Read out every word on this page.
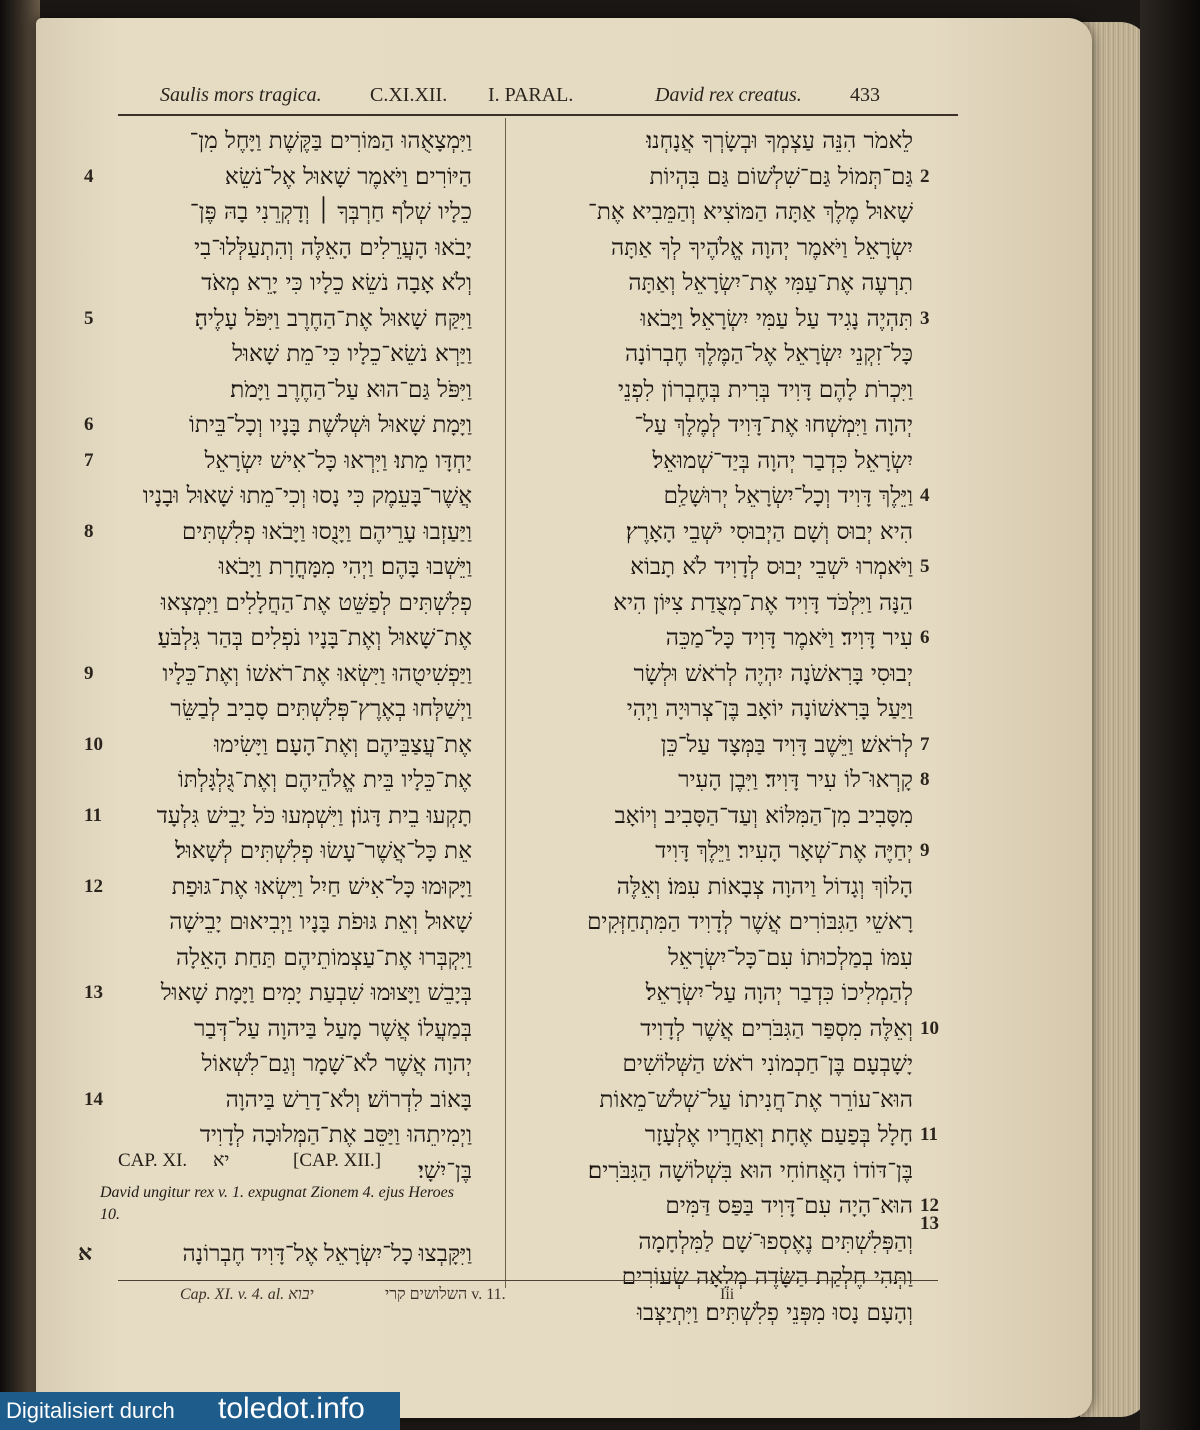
Saulis mors tragica. C.XI.XII. I. PARAL.	David rex creatus. 433
וַיִּמְצָאֻהוּ הַמּוֹרִים בַּקֶּשֶׁת וַיָּחֶל מִן־
הַיּוֹרִים׃ וַיֹּאמֶר שָׁאוּל אֶל־נֹשֵׂא
כֵלָיו שְׁלֹף חַרְבְּךָ ׀ וְדָקְרֵנִי בָהּ פֶּן־
יָבֹאוּ הָעֲרֵלִים הָאֵלֶּה וְהִתְעַלְּלוּ־בִי
וְלֹא אָבָה נֹשֵׂא כֵלָיו כִּי יָרֵא מְאֹד
וַיִּקַּח שָׁאוּל אֶת־הַחֶרֶב וַיִּפֹּל עָלֶיהָ׃
וַיַּרְא נֹשֵׂא־כֵלָיו כִּי־מֵת שָׁאוּל
וַיִּפֹּל גַּם־הוּא עַל־הַחֶרֶב וַיָּמֹת׃
וַיָּמָת שָׁאוּל וּשְׁלֹשֶׁת בָּנָיו וְכָל־בֵּיתוֹ
יַחְדָּו מֵתוּ׃ וַיִּרְאוּ כָּל־אִישׁ יִשְׂרָאֵל
אֲשֶׁר־בָּעֵמֶק כִּי נָסוּ וְכִי־מֵתוּ שָׁאוּל וּבָנָיו
וַיַּעַזְבוּ עָרֵיהֶם וַיָּנֻסוּ וַיָּבֹאוּ פְלִשְׁתִּים
וַיֵּשְׁבוּ בָּהֶם׃ וַיְהִי מִמָּחֳרָת וַיָּבֹאוּ
פְלִשְׁתִּים לְפַשֵּׁט אֶת־הַחֲלָלִים וַיִּמְצְאוּ
אֶת־שָׁאוּל וְאֶת־בָּנָיו נֹפְלִים בְּהַר גִּלְבֹּעַ׃
וַיַּפְשִׁיטֻהוּ וַיִּשְׂאוּ אֶת־רֹאשׁוֹ וְאֶת־כֵּלָיו
וַיְשַׁלְּחוּ בְאֶרֶץ־פְּלִשְׁתִּים סָבִיב לְבַשֵּׂר
אֶת־עֲצַבֵּיהֶם וְאֶת־הָעָם׃ וַיָּשִׂימוּ
אֶת־כֵּלָיו בֵּית אֱלֹהֵיהֶם וְאֶת־גֻּלְגָּלְתּוֹ
תָקְעוּ בֵית דָּגוֹן׃ וַיִּשְׁמְעוּ כֹּל יָבֵישׁ גִּלְעָד
אֵת כָּל־אֲשֶׁר־עָשׂוּ פְלִשְׁתִּים לְשָׁאוּל׃
וַיָּקוּמוּ כָּל־אִישׁ חַיִל וַיִּשְׂאוּ אֶת־גּוּפַת
שָׁאוּל וְאֵת גּוּפֹת בָּנָיו וַיְבִיאוּם יָבֵישָׁה
וַיִּקְבְּרוּ אֶת־עַצְמוֹתֵיהֶם תַּחַת הָאֵלָה
בְּיָבֵשׁ וַיָּצוּמוּ שִׁבְעַת יָמִים׃ וַיָּמָת שָׁאוּל
בְּמַעֲלוֹ אֲשֶׁר מָעַל בַּיהוָה עַל־דְּבַר
יְהוָה אֲשֶׁר לֹא־שָׁמָר וְגַם־לִשְׁאוֹל
בָּאוֹב לִדְרוֹשׁ׃ וְלֹא־דָרַשׁ בַּיהוָה
וַיְמִיתֵהוּ וַיַּסֵּב אֶת־הַמְּלוּכָה לְדָוִיד
בֶּן־יִשָׁי׃
לֵאמֹר הִנֵּה עַצְמְךָ וּבְשָׂרְךָ אֲנָחְנוּ׃
גַּם־תְּמוֹל גַּם־שִׁלְשׁוֹם גַּם בִּהְיוֹת
שָׁאוּל מֶלֶךְ אַתָּה הַמּוֹצִיא וְהַמֵּבִיא אֶת־
יִשְׂרָאֵל וַיֹּאמֶר יְהוָה אֱלֹהֶיךָ לְךָ אַתָּה
תִרְעֶה אֶת־עַמִּי אֶת־יִשְׂרָאֵל וְאַתָּה
תִּהְיֶה נָגִיד עַל עַמִּי יִשְׂרָאֵל׃ וַיָּבֹאוּ
כָּל־זִקְנֵי יִשְׂרָאֵל אֶל־הַמֶּלֶךְ חֶבְרוֹנָה
וַיִּכְרֹת לָהֶם דָּוִיד בְּרִית בְּחֶבְרוֹן לִפְנֵי
יְהוָה וַיִּמְשְׁחוּ אֶת־דָּוִיד לְמֶלֶךְ עַל־
יִשְׂרָאֵל כִּדְבַר יְהוָה בְּיַד־שְׁמוּאֵל׃
וַיֵּלֶךְ דָּוִיד וְכָל־יִשְׂרָאֵל יְרוּשָׁלִַם
הִיא יְבוּס וְשָׁם הַיְבוּסִי יֹשְׁבֵי הָאָרֶץ׃
וַיֹּאמְרוּ יֹשְׁבֵי יְבוּס לְדָוִיד לֹא תָבוֹא
הֵנָּה וַיִּלְכֹּד דָּוִיד אֶת־מְצֻדַת צִיּוֹן הִיא
עִיר דָּוִיד׃ וַיֹּאמֶר דָּוִיד כָּל־מַכֵּה
יְבוּסִי בָּרִאשֹׁנָה יִהְיֶה לְרֹאשׁ וּלְשָׂר
וַיַּעַל בָּרִאשׁוֹנָה יוֹאָב בֶּן־צְרוּיָה וַיְהִי
לְרֹאשׁ׃ וַיֵּשֶׁב דָּוִיד בַּמְּצָד עַל־כֵּן
קָרְאוּ־לוֹ עִיר דָּוִיד׃ וַיִּבֶן הָעִיר
מִסָּבִיב מִן־הַמִּלּוֹא וְעַד־הַסָּבִיב וְיוֹאָב
יְחַיֶּה אֶת־שְׁאָר הָעִיר׃ וַיֵּלֶךְ דָּוִיד
הָלוֹךְ וְגָדוֹל וַיהוָה צְבָאוֹת עִמּוֹ׃ וְאֵלֶּה
רָאשֵׁי הַגִּבּוֹרִים אֲשֶׁר לְדָוִיד הַמִּתְחַזְּקִים
עִמּוֹ בְמַלְכוּתוֹ עִם־כָּל־יִשְׂרָאֵל
לְהַמְלִיכוֹ כִּדְבַר יְהוָה עַל־יִשְׂרָאֵל׃
וְאֵלֶּה מִסְפַּר הַגִּבֹּרִים אֲשֶׁר לְדָוִיד
יָשָׁבְעָם בֶּן־חַכְמוֹנִי רֹאשׁ הַשְּׁלוֹשִׁים
הוּא־עוֹרֵר אֶת־חֲנִיתוֹ עַל־שְׁלֹשׁ־מֵאוֹת
חָלָל בְּפַעַם אֶחָת׃ וְאַחֲרָיו אֶלְעָזָר
בֶּן־דּוֹדוֹ הָאֲחוֹחִי הוּא בִּשְׁלוֹשָׁה הַגִּבֹּרִים׃
הוּא־הָיָה עִם־דָּוִיד בַּפַּס דַּמִּים
וְהַפְּלִשְׁתִּים נֶאֶסְפוּ־שָׁם לַמִּלְחָמָה
וַתְּהִי חֶלְקַת הַשָּׂדֶה מְלֵאָה שְׂעוֹרִים
וְהָעָם נָסוּ מִפְּנֵי פְלִשְׁתִּים׃ וַיִּתְיַצְּבוּ
4
5
6
7
8
9
10
11
12
13
14
2
3
4
5
6
7
8
9
10
11
12
13
CAP. XI. יא	[CAP. XII.]
David ungitur rex v. 1. expugnat Zionem 4. ejus Heroes 10.
א	וַיִּקָּבְצוּ כָל־יִשְׂרָאֵל אֶל־דָּוִיד חֶבְרוֹנָה
Cap. XI. v. 4. al. יבוא	השלושים קרי v. 11.	Iii
Digitalisiert durch toledot.info
